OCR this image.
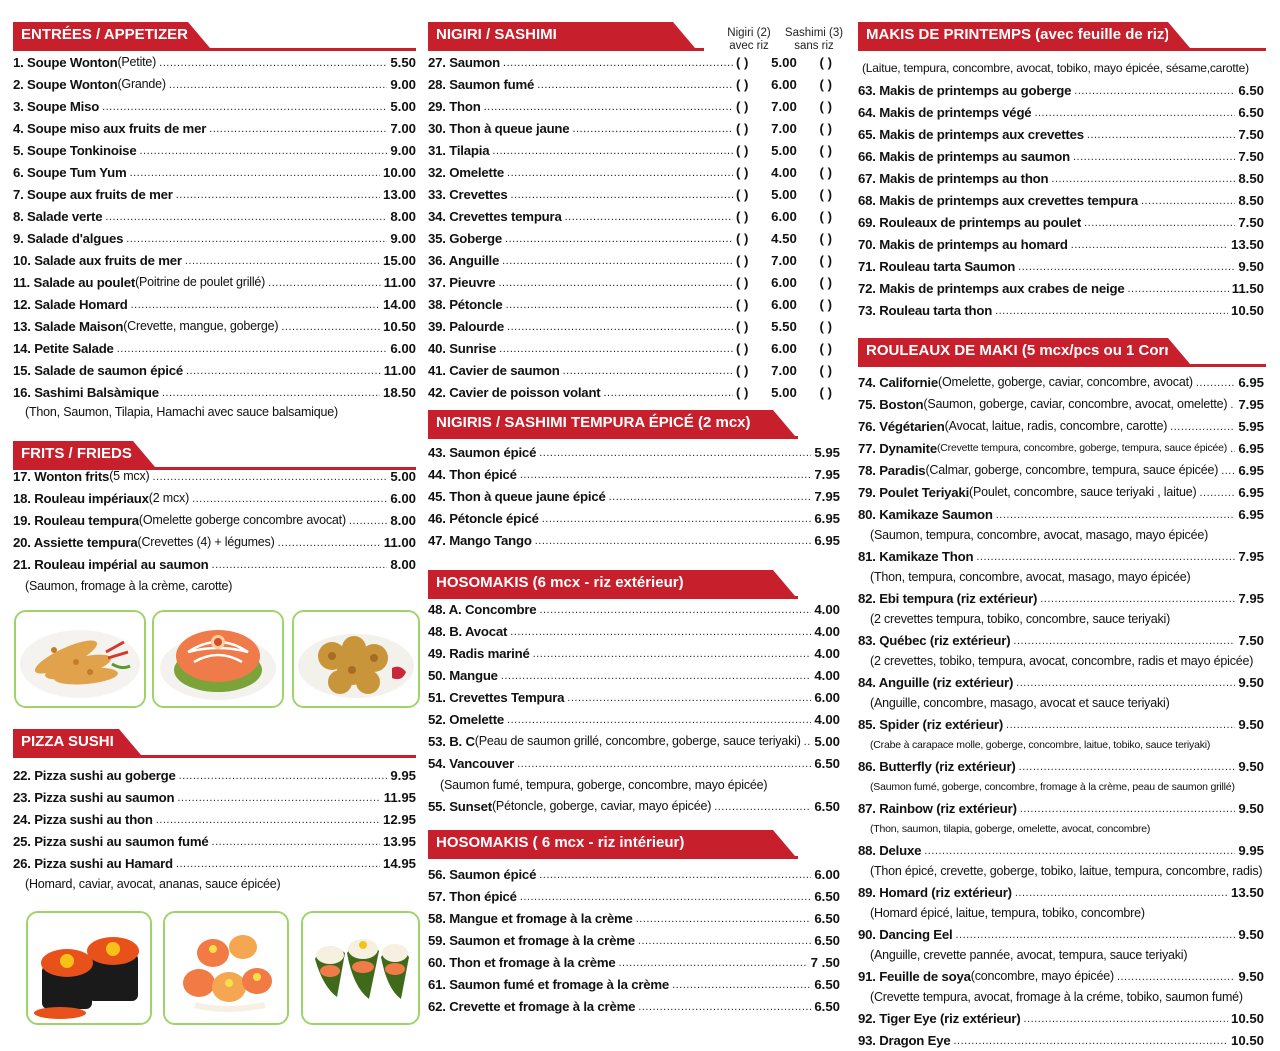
ENTRÉES / APPETIZERS
1. Soupe Wonton (Petite) .....	5.50
2. Soupe Wonton (Grande) .....	9.00
3. Soupe Miso .....	5.00
4. Soupe miso aux fruits de mer .....	7.00
5. Soupe Tonkinoise .....	9.00
6. Soupe Tum Yum .....	10.00
7. Soupe aux fruits de mer .....	13.00
8. Salade verte .....	8.00
9. Salade d'algues .....	9.00
10. Salade aux fruits de mer .....	15.00
11. Salade au poulet (Poitrine de poulet grillé) .....	11.00
12. Salade Homard .....	14.00
13. Salade Maison (Crevette, mangue, goberge) .....	10.50
14. Petite Salade .....	6.00
15. Salade de saumon épicé .....	11.00
16. Sashimi Balsàmique .....	18.50
(Thon, Saumon, Tilapia, Hamachi avec sauce balsamique)
FRITS / FRIEDS
17. Wonton frits (5 mcx) .....	5.00
18. Rouleau impériaux (2 mcx) .....	6.00
19. Rouleau tempura (Omelette goberge concombre avocat) .....	8.00
20. Assiette tempura (Crevettes (4) + légumes) .....	11.00
21. Rouleau impérial au saumon .....	8.00
(Saumon, fromage à la crème, carotte)
PIZZA SUSHI
22. Pizza sushi au goberge .....	9.95
23. Pizza sushi au saumon .....	11.95
24. Pizza sushi au thon .....	12.95
25. Pizza sushi au saumon fumé .....	13.95
26. Pizza sushi au Hamard .....	14.95
(Homard, caviar, avocat, ananas, sauce épicée)
NIGIRI / SASHIMI	Nigiri (2)
avec riz
Sashimi (3)
sans riz
27. Saumon .....	( ) 5.00 ( )
28. Saumon fumé .....	( ) 6.00 ( )
29. Thon .....	( ) 7.00 ( )
30. Thon à queue jaune .....	( ) 7.00 ( )
31. Tilapia .....	( ) 5.00 ( )
32. Omelette .....	( ) 4.00 ( )
33. Crevettes .....	( ) 5.00 ( )
34. Crevettes tempura .....	( ) 6.00 ( )
35. Goberge .....	( ) 4.50 ( )
36. Anguille .....	( ) 7.00 ( )
37. Pieuvre .....	( ) 6.00 ( )
38. Pétoncle .....	( ) 6.00 ( )
39. Palourde .....	( ) 5.50 ( )
40. Sunrise .....	( ) 6.00 ( )
41. Cavier de saumon .....	( ) 7.00 ( )
42. Cavier de poisson volant .....	( ) 5.00 ( )
NIGIRIS / SASHIMI TEMPURA ÉPICÉ (2 mcx)
43. Saumon épicé .....	5.95
44. Thon épicé .....	7.95
45. Thon à queue jaune épicé .....	7.95
46. Pétoncle épicé .....	6.95
47. Mango Tango .....	6.95
HOSOMAKIS (6 mcx - riz extérieur)
48. A. Concombre .....	4.00
48. B. Avocat .....	4.00
49. Radis mariné .....	4.00
50. Mangue .....	4.00
51. Crevettes Tempura .....	6.00
52. Omelette .....	4.00
53. B. C (Peau de saumon grillé, concombre, goberge, sauce teriyaki) ..... 5.00
54. Vancouver .....	6.50
(Saumon fumé, tempura, goberge, concombre, mayo épicée)
55. Sunset (Pétoncle, goberge, caviar, mayo épicée) .....	6.50
HOSOMAKIS ( 6 mcx - riz intérieur)
56. Saumon épicé .....	6.00
57. Thon épicé .....	6.50
58. Mangue et fromage à la crème .....	6.50
59. Saumon et fromage à la crème .....	6.50
60. Thon et fromage à la crème .....	7 .50
61. Saumon fumé et fromage à la crème .....	6.50
62. Crevette et fromage à la crème .....	6.50
MAKIS DE PRINTEMPS (avec feuille de riz)
(Laitue, tempura, concombre, avocat, tobiko, mayo épicée, sésame,carotte)
63. Makis de printemps au goberge .....	6.50
64. Makis de printemps végé .....	6.50
65. Makis de printemps aux crevettes .....	7.50
66. Makis de printemps au saumon .....	7.50
67. Makis de printemps au thon .....	8.50
68. Makis de printemps aux crevettes tempura .....	8.50
69. Rouleaux de printemps au poulet .....	7.50
70. Makis de printemps au homard .....	13.50
71. Rouleau tarta Saumon .....	9.50
72. Makis de printemps aux crabes de neige .....	11.50
73. Rouleau tarta thon .....	10.50
ROULEAUX DE MAKI (5 mcx/pcs ou 1 Cornet)
74. Californie (Omelette, goberge, caviar, concombre, avocat) .....	6.95
75. Boston (Saumon, goberge, caviar, concombre, avocat, omelette) ..... 7.95
76. Végétarien (Avocat, laitue, radis, concombre, carotte) .....	5.95
77. Dynamite (Crevette tempura, concombre, goberge, tempura, sauce épicée) ..... 6.95
78. Paradis (Calmar, goberge, concombre, tempura, sauce épicée) ..... 6.95
79. Poulet Teriyaki (Poulet, concombre, sauce teriyaki , laitue) .....	6.95
80. Kamikaze Saumon .....	6.95
(Saumon, tempura, concombre, avocat, masago, mayo épicée)
81. Kamikaze Thon .....	7.95
(Thon, tempura, concombre, avocat, masago, mayo épicée)
82. Ebi tempura (riz extérieur) .....	7.95
(2 crevettes tempura, tobiko, concombre, sauce teriyaki)
83. Québec (riz extérieur) .....	7.50
(2 crevettes, tobiko, tempura, avocat, concombre, radis et mayo épicée)
84. Anguille (riz extérieur) .....	9.50
(Anguille, concombre, masago, avocat et sauce teriyaki)
85. Spider (riz extérieur) .....	9.50
(Crabe à carapace molle, goberge, concombre, laitue, tobiko, sauce teriyaki)
86. Butterfly (riz extérieur) .....	9.50
(Saumon fumé, goberge, concombre, fromage à la crème, peau de saumon grillé)
87. Rainbow (riz extérieur) .....	9.50
(Thon, saumon, tilapia, goberge, omelette, avocat, concombre)
88. Deluxe .....	9.95
(Thon épicé, crevette, goberge, tobiko, laitue, tempura, concombre, radis)
89. Homard (riz extérieur) .....	13.50
(Homard épicé, laitue, tempura, tobiko, concombre)
90. Dancing Eel .....	9.50
(Anguille, crevette pannée, avocat, tempura, sauce teriyaki)
91. Feuille de soya (concombre, mayo épicée) .....	9.50
(Crevette tempura, avocat, fromage à la créme, tobiko, saumon fumé)
92. Tiger Eye (riz extérieur) .....	10.50
93. Dragon Eye .....	10.50
